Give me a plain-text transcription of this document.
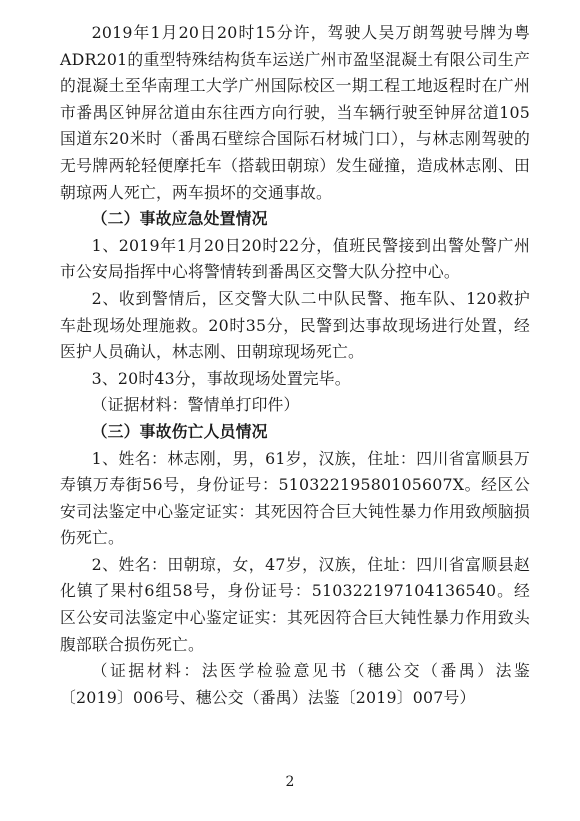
2019年1月20日20时15分许，驾驶人吴万朗驾驶号牌为粤ADR201的重型特殊结构货车运送广州市盈坚混凝土有限公司生产的混凝土至华南理工大学广州国际校区一期工程工地返程时在广州市番禺区钟屏岔道由东往西方向行驶，当车辆行驶至钟屏岔道105国道东20米时（番禺石壁综合国际石材城门口），与林志刚驾驶的无号牌两轮轻便摩托车（搭载田朝琼）发生碰撞，造成林志刚、田朝琼两人死亡，两车损坏的交通事故。

（二）事故应急处置情况

1、2019年1月20日20时22分，值班民警接到出警处警广州市公安局指挥中心将警情转到番禺区交警大队分控中心。

2、收到警情后，区交警大队二中队民警、拖车队、120救护车赴现场处理施救。20时35分，民警到达事故现场进行处置，经医护人员确认，林志刚、田朝琼现场死亡。

3、20时43分，事故现场处置完毕。

（证据材料：警情单打印件）

（三）事故伤亡人员情况

1、姓名：林志刚，男，61岁，汉族，住址：四川省富顺县万寿镇万寿街56号，身份证号：51032219580105607X。经区公安司法鉴定中心鉴定证实：其死因符合巨大钝性暴力作用致颅脑损伤死亡。

2、姓名：田朝琼，女，47岁，汉族，住址：四川省富顺县赵化镇了果村6组58号，身份证号：510322197104136540。经区公安司法鉴定中心鉴定证实：其死因符合巨大钝性暴力作用致头腹部联合损伤死亡。

（证据材料：法医学检验意见书（穗公交（番禺）法鉴〔2019〕006号、穗公交（番禺）法鉴〔2019〕007号）

2
